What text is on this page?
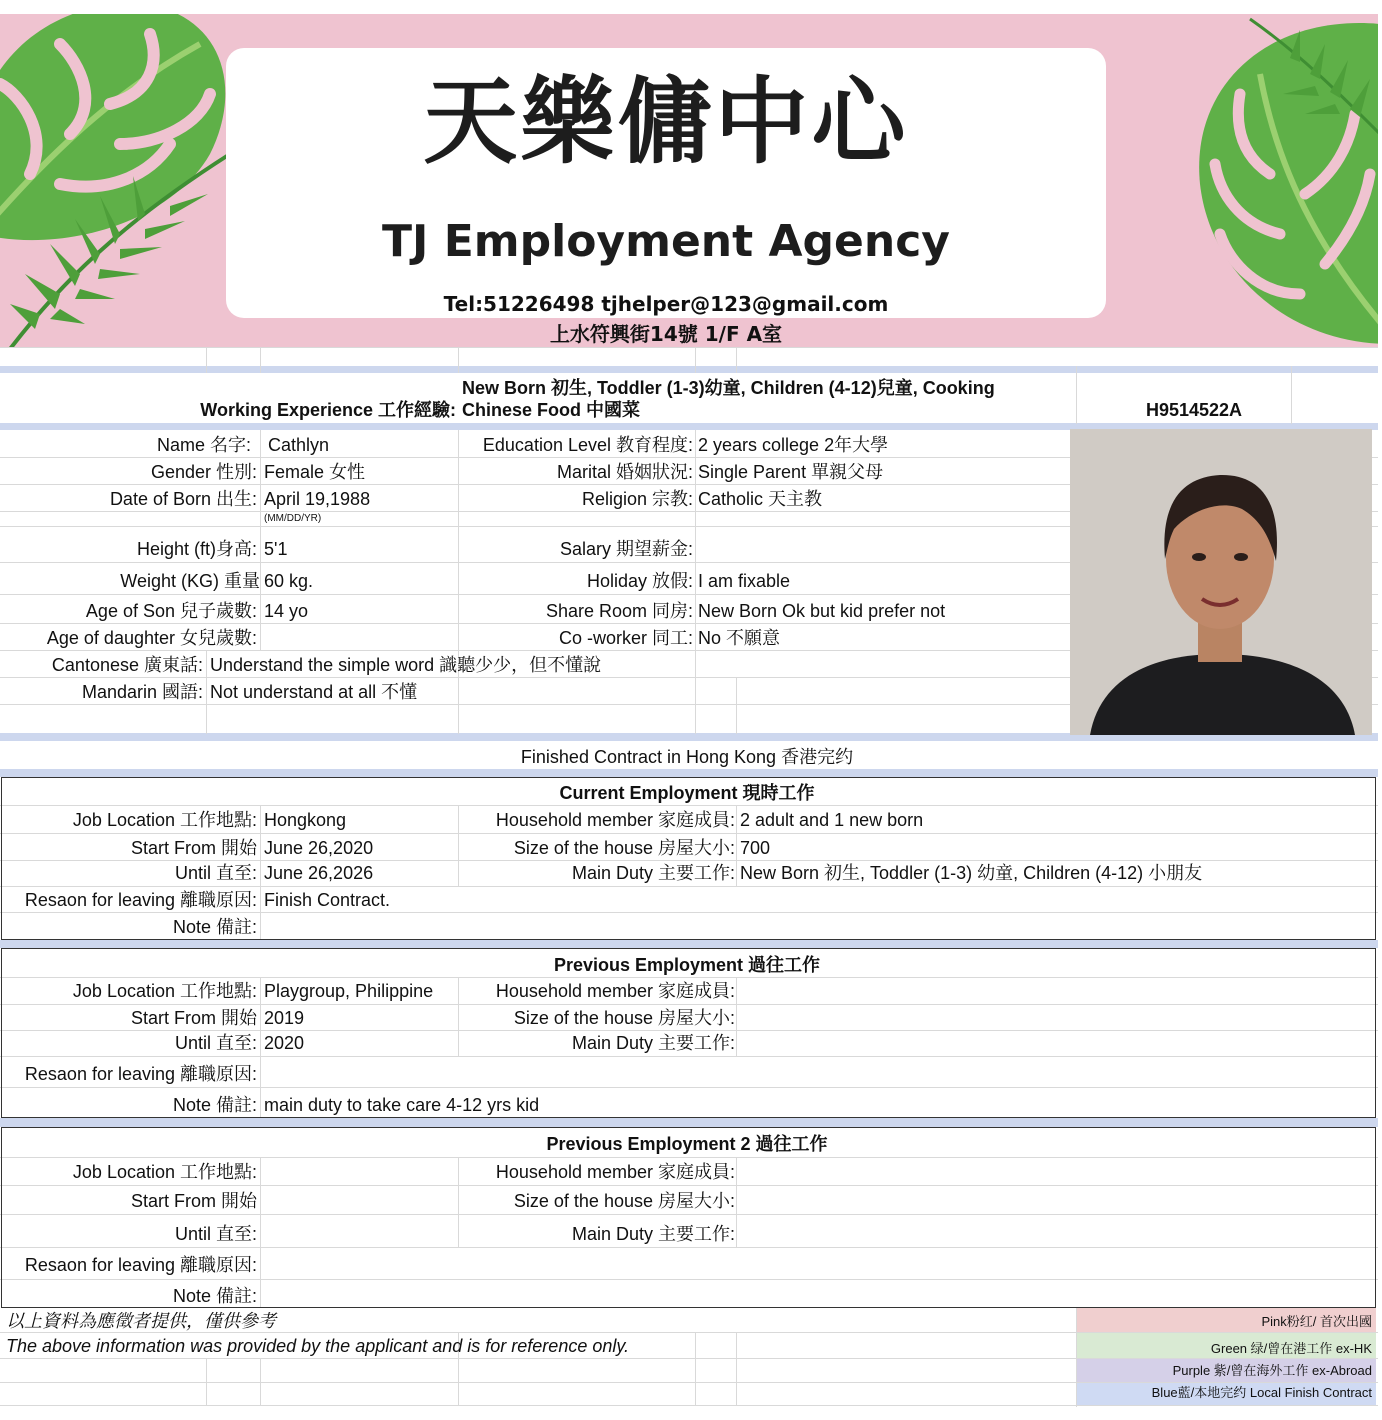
天樂傭中心
TJ Employment Agency
Tel:51226498 tjhelper@123@gmail.com
上水符興街14號 1/F A室
Working Experience 工作經驗:
New Born 初生, Toddler (1-3)幼童, Children (4-12)兒童, Cooking
Chinese Food 中國菜	H9514522A
Name 名字: Cathlyn
Gender 性別: Female 女性
Date of Born 出生: April 19,1988
(MM/DD/YR)
Height (ft)身高: 5'1
Weight (KG) 重量 60 kg.
Age of Son 兒子歲數: 14 yo
Age of daughter 女兒歲數:
Cantonese 廣東話: Understand the simple word 識聽少少，但不懂說
Mandarin 國語: Not understand at all 不懂
Education Level 教育程度: 2 years college 2年大學
Marital 婚姻狀況: Single Parent 單親父母
Religion 宗教: Catholic 天主教
Salary 期望薪金:
Holiday 放假: I am fixable
Share Room 同房: New Born Ok but kid prefer not
Co -worker 同工: No 不願意
Finished Contract in Hong Kong 香港完约
Current Employment 現時工作
Job Location 工作地點: Hongkong
Start From 開始 June 26,2020
Until 直至: June 26,2026
Resaon for leaving 離職原因: Finish Contract.
Note 備註:
Household member 家庭成員: 2 adult and 1 new born
Size of the house 房屋大小: 700
Main Duty 主要工作: New Born 初生, Toddler (1-3) 幼童, Children (4-12) 小朋友
Previous Employment 過往工作
Job Location 工作地點: Playgroup, Philippine
Start From 開始 2019
Until 直至: 2020
Resaon for leaving 離職原因:
Note 備註: main duty to take care 4-12 yrs kid
Household member 家庭成員:
Size of the house 房屋大小:
Main Duty 主要工作:
Previous Employment 2 過往工作
Job Location 工作地點:
Start From 開始
Until 直至:
Resaon for leaving 離職原因:
Note 備註:
Household member 家庭成員:
Size of the house 房屋大小:
Main Duty 主要工作:
以上資料為應徵者提供，僅供參考
The above information was provided by the applicant and is for reference only.
Pink粉红/ 首次出國
Green 绿/曾在港工作 ex-HK
Purple 紫/曾在海外工作 ex-Abroad
Blue藍/本地完约 Local Finish Contract
